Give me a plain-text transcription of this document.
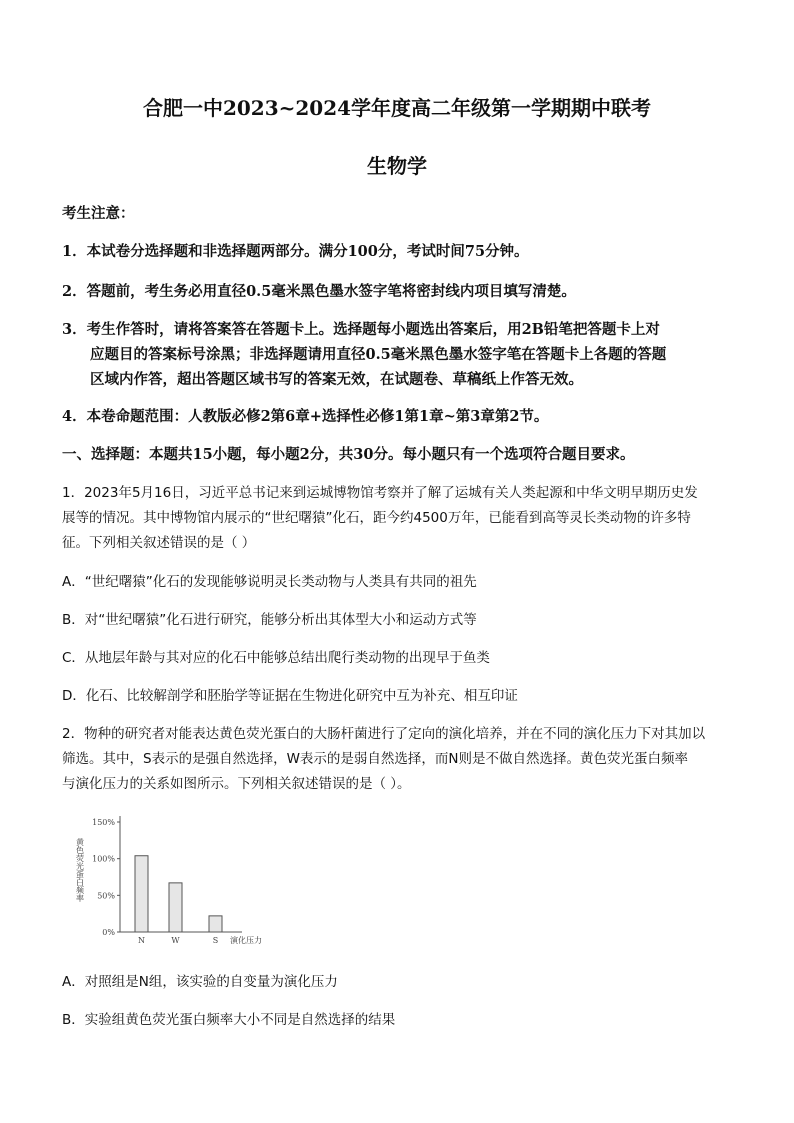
合肥一中2023~2024学年度高二年级第一学期期中联考
生物学
考生注意：
1．本试卷分选择题和非选择题两部分。满分100分，考试时间75分钟。
2．答题前，考生务必用直径0.5毫米黑色墨水签字笔将密封线内项目填写清楚。
3．考生作答时，请将答案答在答题卡上。选择题每小题选出答案后，用2B铅笔把答题卡上对
应题目的答案标号涂黑；非选择题请用直径0.5毫米黑色墨水签字笔在答题卡上各题的答题
区域内作答，超出答题区域书写的答案无效，在试题卷、草稿纸上作答无效。
4．本卷命题范围：人教版必修2第6章+选择性必修1第1章~第3章第2节。
一、选择题：本题共15小题，每小题2分，共30分。每小题只有一个选项符合题目要求。
1．2023年5月16日，习近平总书记来到运城博物馆考察并了解了运城有关人类起源和中华文明早期历史发
展等的情况。其中博物馆内展示的“世纪曙猿”化石，距今约4500万年，已能看到高等灵长类动物的许多特
征。下列相关叙述错误的是（ ）
A．“世纪曙猿”化石的发现能够说明灵长类动物与人类具有共同的祖先
B．对“世纪曙猿”化石进行研究，能够分析出其体型大小和运动方式等
C．从地层年龄与其对应的化石中能够总结出爬行类动物的出现早于鱼类
D．化石、比较解剖学和胚胎学等证据在生物进化研究中互为补充、相互印证
2．物种的研究者对能表达黄色荧光蛋白的大肠杆菌进行了定向的演化培养，并在不同的演化压力下对其加以
筛选。其中，S表示的是强自然选择，W表示的是弱自然选择，而N则是不做自然选择。黄色荧光蛋白频率
与演化压力的关系如图所示。下列相关叙述错误的是（ ）。
黄色荧光蛋白频率
0%
50%
100%
150%
N	W	S 演化压力
A．对照组是N组，该实验的自变量为演化压力
B．实验组黄色荧光蛋白频率大小不同是自然选择的结果
